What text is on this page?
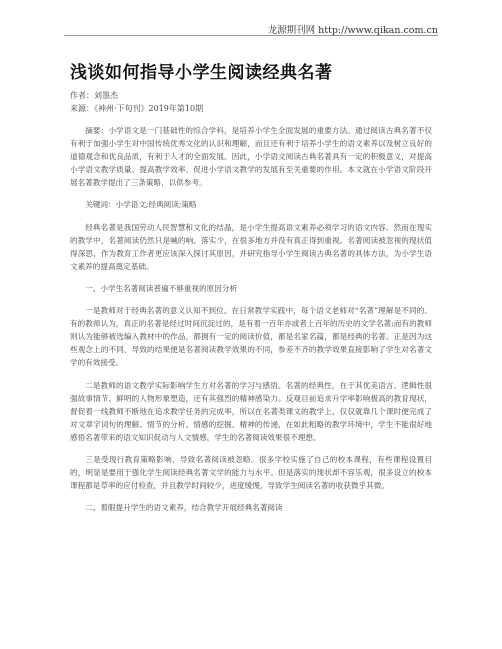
龙源期刊网 http://www.qikan.com.cn
浅谈如何指导小学生阅读经典名著
作者：刘墨杰
来源：《神州·下旬刊》2019年第10期

摘要：小学语文是一门基础性的综合学科，是培养小学生全面发展的重要方法。通过阅读古典名著不仅有利于加强小学生对中国传统优秀文化的认识和理解，而且还有利于培养小学生的语文素养以及树立良好的道德观念和优良品质，有利于人才的全面发展。因此，小学语文阅读古典名著具有一定的积极意义，对提高小学语文教学质量、提高教学效率、促进小学语文教学的发展有至关重要的作用。本文就在小学语文阶段开展名著教学提出了三条策略，以供参考。

关键词：小学语文;经典阅读;策略

经典名著是我国劳动人民智慧和文化的结晶，是小学生提高语文素养必须学习的语文内容。然而在现实的教学中，名著阅读仍然只是喊的响、落实少，在很多地方并没有真正得到重视。名著阅读被忽视的现状值得深思，作为教育工作者更应该深入探讨其原因，并研究指导小学生阅读古典名著的具体方法，为小学生语文素养的提高奠定基础。

一、小学生名著阅读普遍不够重视的原因分析

一是教师对于经典名著的意义认知不到位。在日常教学实践中，每个语文老师对“名著”理解是不同的。有的教师认为，真正的名著是经过时间沉淀过的，是有着一百年亦或者上百年的历史的文学名著;而有的教师则认为能够被选编入教材中的作品，都拥有一定的阅读价值，都是名家名篇，都是经典的名著。正是因为这些观念上的不同，导致的结果便是名著阅读教学效果的不同，参差不齐的教学效果直接影响了学生对名著文学的有效接受。

二是教师的语文教学实际影响学生方对名著的学习与感悟。名著的经典性，在于其优美语言、逻辑性很强故事情节、鲜明的人物形象塑造，还有其强烈的精神感染力。反观目前追求升学率影响极高的教育现状，督促着一线教师不断地在追求教学任务的完成率，所以在名著类课文的教学上，仅仅就靠几个课时便完成了对文章字词句的理解、情节的分析、情感的挖掘、精神的传递，在如此粗略的教学环境中，学生不能很好地感悟名著带来的语文知识促动与人文情感，学生的名著阅读效果很不理想。

三是受现行教育策略影响，导致名著阅读被忽略。很多学校实施了自己的校本课程，有些课程设置目的，明显是要用于强化学生阅读经典名著文学的能力与水平。但是落实的现状却不容乐观，很多设立的校本课程都是草率的应付检查，并且教学时间较少，进度缓慢，导致学生阅读名著的收获微乎其微。

二、着眼提升学生的语文素养，结合教学开展经典名著阅读
